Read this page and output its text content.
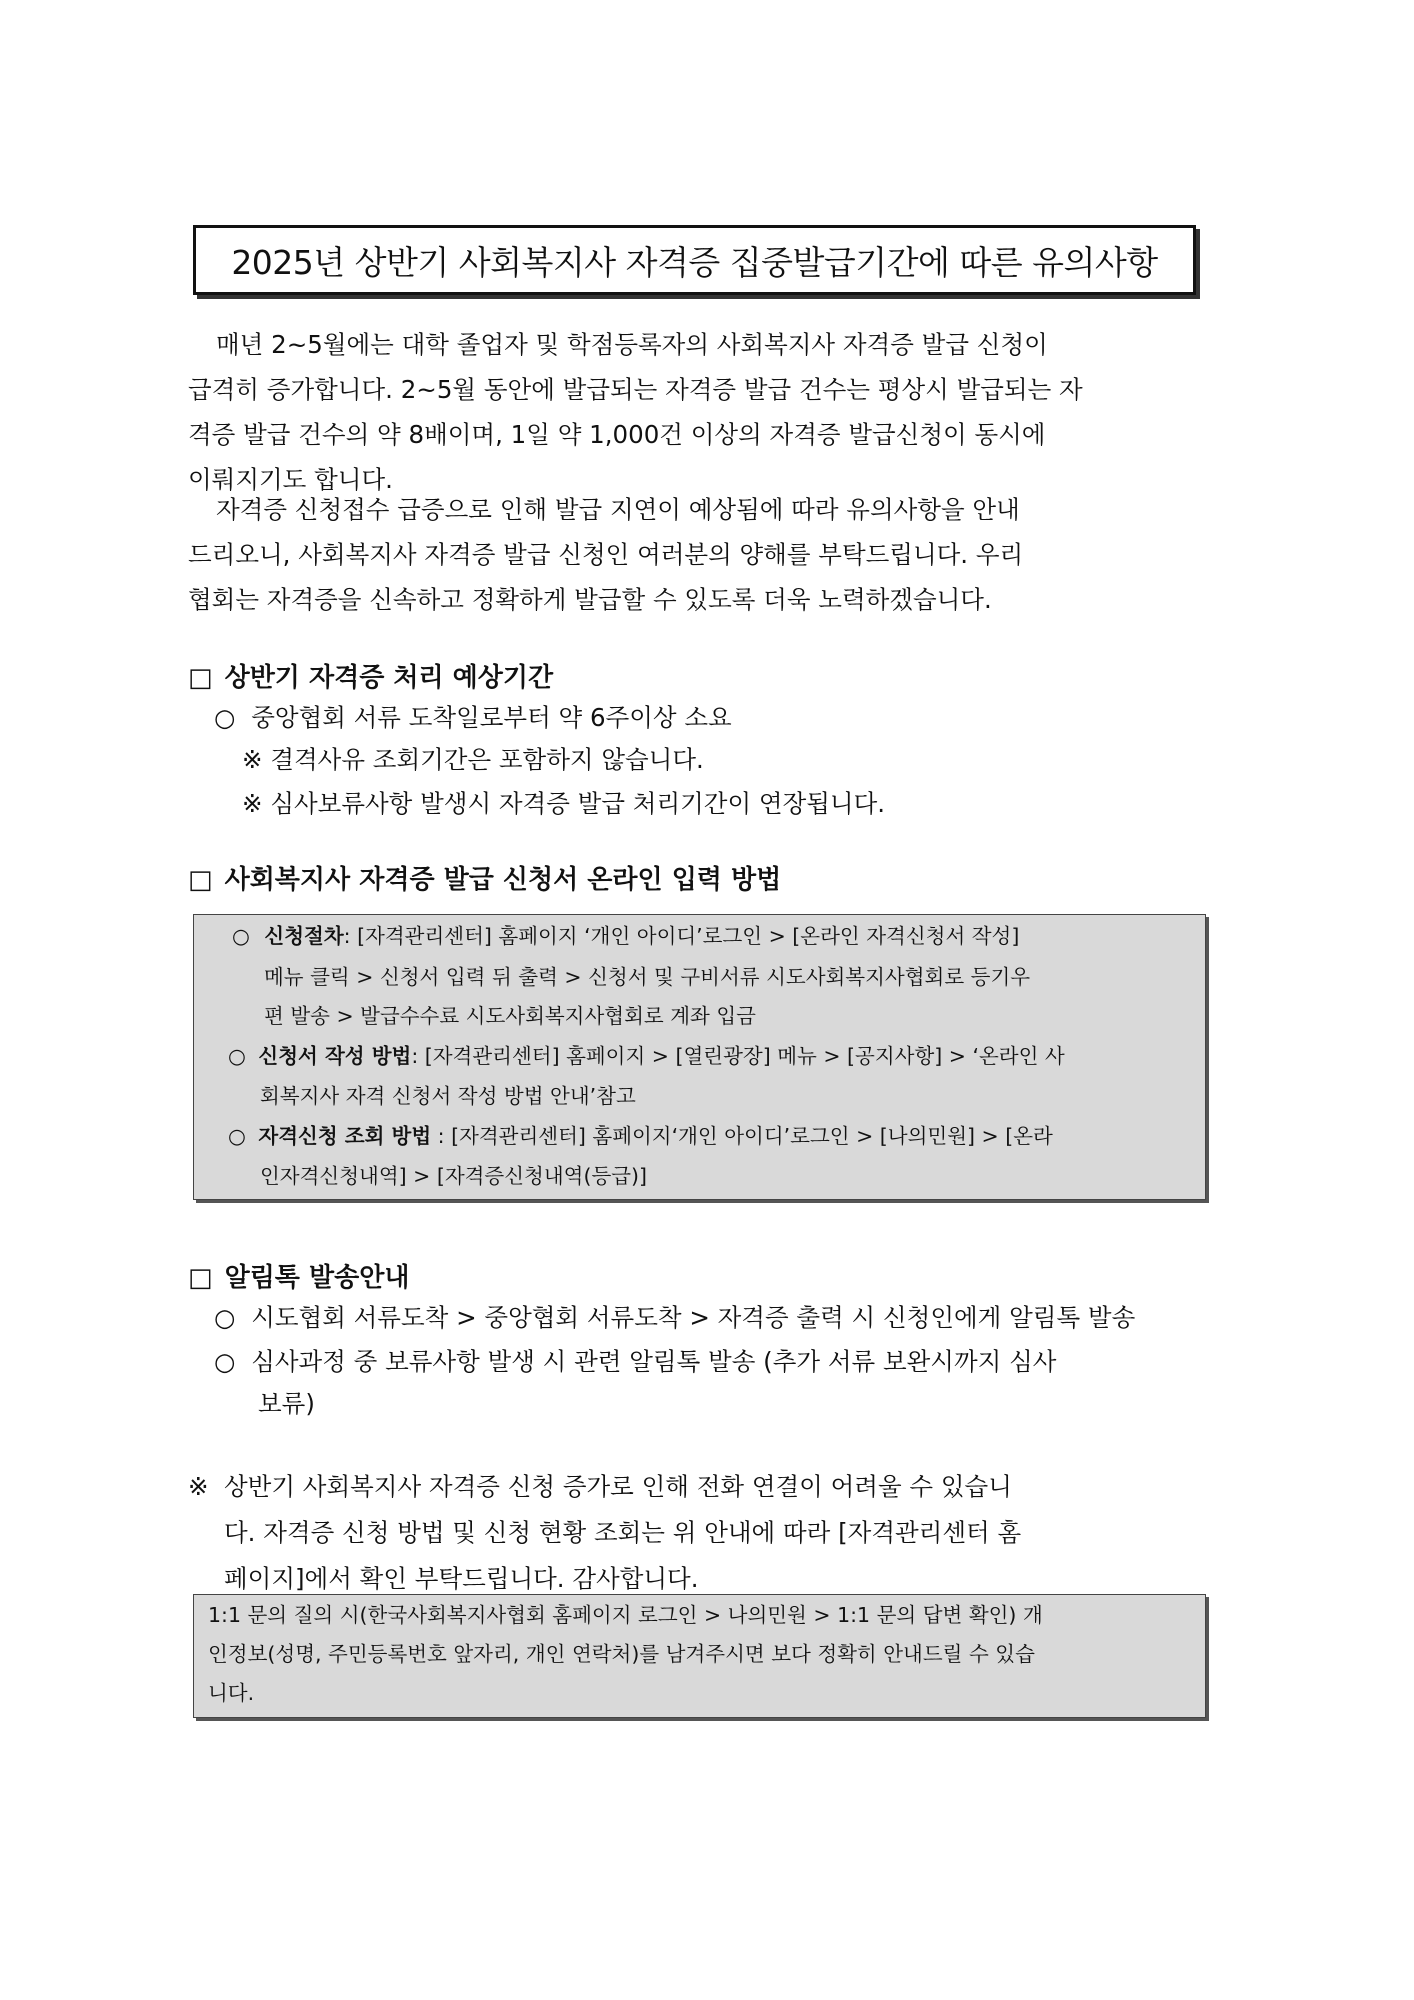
2025년 상반기 사회복지사 자격증 집중발급기간에 따른 유의사항
매년 2~5월에는 대학 졸업자 및 학점등록자의 사회복지사 자격증 발급 신청이
급격히 증가합니다. 2~5월 동안에 발급되는 자격증 발급 건수는 평상시 발급되는 자
격증 발급 건수의 약 8배이며, 1일 약 1,000건 이상의 자격증 발급신청이 동시에
이뤄지기도 합니다.
자격증 신청접수 급증으로 인해 발급 지연이 예상됨에 따라 유의사항을 안내
드리오니, 사회복지사 자격증 발급 신청인 여러분의 양해를 부탁드립니다. 우리
협회는 자격증을 신속하고 정확하게 발급할 수 있도록 더욱 노력하겠습니다.
□ 상반기 자격증 처리 예상기간
○ 중앙협회 서류 도착일로부터 약 6주이상 소요
※ 결격사유 조회기간은 포함하지 않습니다.
※ 심사보류사항 발생시 자격증 발급 처리기간이 연장됩니다.
□ 사회복지사 자격증 발급 신청서 온라인 입력 방법
○ 신청절차: [자격관리센터] 홈페이지 ‘개인 아이디’로그인 > [온라인 자격신청서 작성]
메뉴 클릭 > 신청서 입력 뒤 출력 > 신청서 및 구비서류 시도사회복지사협회로 등기우
편 발송 > 발급수수료 시도사회복지사협회로 계좌 입금
○ 신청서 작성 방법: [자격관리센터] 홈페이지 > [열린광장] 메뉴 > [공지사항] > ‘온라인 사
회복지사 자격 신청서 작성 방법 안내’참고
○ 자격신청 조회 방법 : [자격관리센터] 홈페이지‘개인 아이디’로그인 > [나의민원] > [온라
인자격신청내역] > [자격증신청내역(등급)]
□ 알림톡 발송안내
○ 시도협회 서류도착 > 중앙협회 서류도착 > 자격증 출력 시 신청인에게 알림톡 발송
○ 심사과정 중 보류사항 발생 시 관련 알림톡 발송 (추가 서류 보완시까지 심사
보류)
※ 상반기 사회복지사 자격증 신청 증가로 인해 전화 연결이 어려울 수 있습니
다. 자격증 신청 방법 및 신청 현황 조회는 위 안내에 따라 [자격관리센터 홈
페이지]에서 확인 부탁드립니다. 감사합니다.
1:1 문의 질의 시(한국사회복지사협회 홈페이지 로그인 > 나의민원 > 1:1 문의 답변 확인) 개
인정보(성명, 주민등록번호 앞자리, 개인 연락처)를 남겨주시면 보다 정확히 안내드릴 수 있습
니다.
